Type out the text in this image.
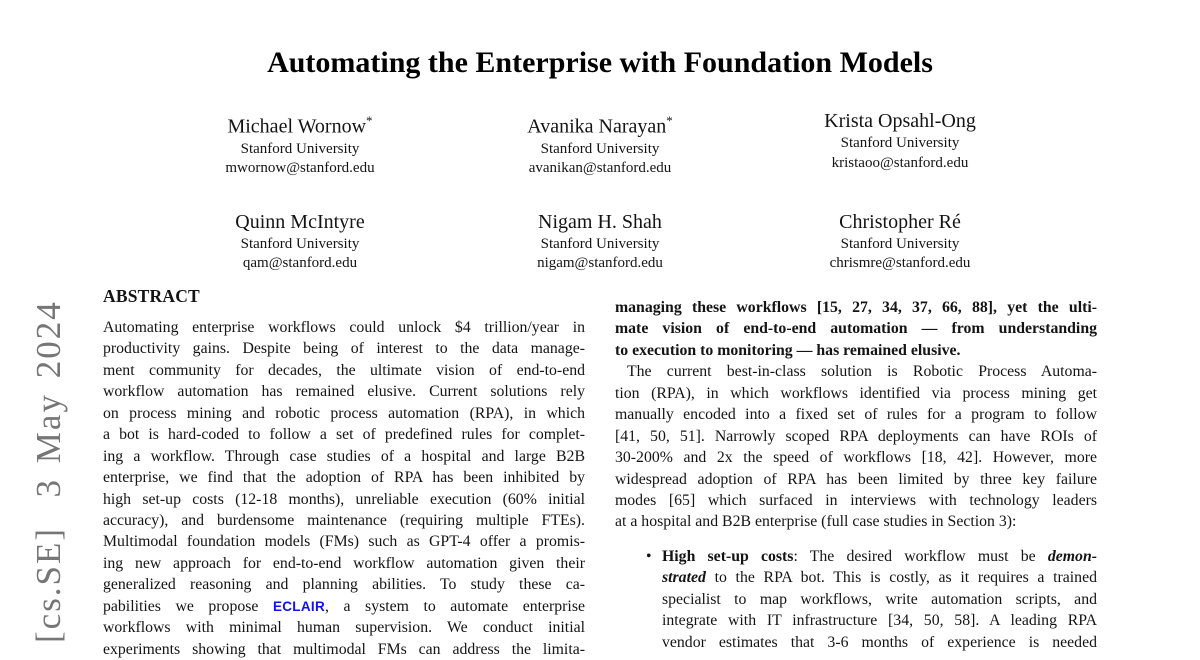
[cs.SE]  3 May 2024
Automating the Enterprise with Foundation Models
Michael Wornow*
Stanford University
mwornow@stanford.edu
Avanika Narayan*
Stanford University
avanikan@stanford.edu
Krista Opsahl-Ong
Stanford University
kristaoo@stanford.edu
Quinn McIntyre
Stanford University
qam@stanford.edu
Nigam H. Shah
Stanford University
nigam@stanford.edu
Christopher Ré
Stanford University
chrismre@stanford.edu
ABSTRACT
Automating enterprise workflows could unlock $4 trillion/year in
productivity gains. Despite being of interest to the data manage-
ment community for decades, the ultimate vision of end-to-end
workflow automation has remained elusive. Current solutions rely
on process mining and robotic process automation (RPA), in which
a bot is hard-coded to follow a set of predefined rules for complet-
ing a workflow. Through case studies of a hospital and large B2B
enterprise, we find that the adoption of RPA has been inhibited by
high set-up costs (12-18 months), unreliable execution (60% initial
accuracy), and burdensome maintenance (requiring multiple FTEs).
Multimodal foundation models (FMs) such as GPT-4 offer a promis-
ing new approach for end-to-end workflow automation given their
generalized reasoning and planning abilities. To study these ca-
pabilities we propose ECLAIR, a system to automate enterprise
workflows with minimal human supervision. We conduct initial
experiments showing that multimodal FMs can address the limita-
managing these workflows [15, 27, 34, 37, 66, 88], yet the ulti-
mate vision of end-to-end automation — from understanding
to execution to monitoring — has remained elusive.
The current best-in-class solution is Robotic Process Automa-
tion (RPA), in which workflows identified via process mining get
manually encoded into a fixed set of rules for a program to follow
[41, 50, 51]. Narrowly scoped RPA deployments can have ROIs of
30-200% and 2x the speed of workflows [18, 42]. However, more
widespread adoption of RPA has been limited by three key failure
modes [65] which surfaced in interviews with technology leaders
at a hospital and B2B enterprise (full case studies in Section 3):
• High set-up costs: The desired workflow must be demon-
strated to the RPA bot. This is costly, as it requires a trained
specialist to map workflows, write automation scripts, and
integrate with IT infrastructure [34, 50, 58]. A leading RPA
vendor estimates that 3-6 months of experience is needed
